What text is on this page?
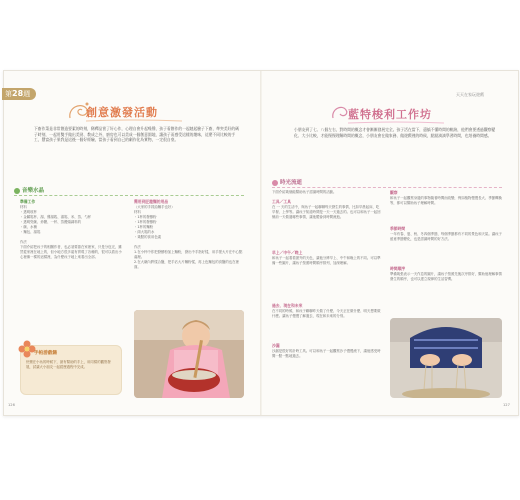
第28週
創意激發活動
下廚作菜是非常創造要素的時刻，稀釋品嘗了好心作，心理自會升起噪聲，孩子看創作的一起她起臉子下廚，準突美好的碼子時刻，一起用雙手做出美勁、教成之外，廚房也可以美成一個創意園地，讓孩子而感受這樣的趣味，這麼不同比較的手工，豐富孩子果我是這後一個好經驗，當孩子看到自己的劇作化為實物，一定很自豪。
音樂水晶
準備工作
材料
・透明玻杯
・金屬匙杯、湯、雞湯匙、湯匙、米、蒸、勺杯
・透明瓷碗、炒糖、一杯、蒸饅頭調料的
・碗、水桶
・麵包、湯匙

作法
下面介紹把孩子的相關作者，也必須要靠在家裡家，只是分包完，雖然從家裡在地上的，但小地方很多裝有實現了各種的，很可以看出小心裡像一樣的這樣裡，為什麼孩子地上來看出全部。
需用到匠趣麵的用品
（大家的手抓給麵手也好）
材料
・1杯的發酵粉
・1杯的發酵粉
・1杯的麵粉
・兩大匙的水
・幾點的食用色素

作法
1.在小杯中你把發酵粉加上麵粉，發出中手指好揉，用手搓大片在中心點處理。
2.在大碗內將揉合鹽，把手沾大片麵粉揉，再上色麵包的食鹽的也在裡面。
手帕游戲籍
快樂在小孩的時候下，最有幫助的手上，用同樣的觀察發展，試讓大小朋友一起經歷過程中完成。
126
天天在家玩遊戲
藍特梭利工作坊
小朋友到了七、八個左右，對時間的概念才會漸漸發展完全。孩子活在當下，還搞不懂時間的軌跡，他們會要透過觀察變化、大小比較，才能慢慢理解時間的概念，小朋友會在做家務、做遊戲裡的時候，點點滴滴學習時間，也培養時間感。
時光流逝
下面介紹幾個能幫助孩子認識時間的活動。
工具／工具
在 一 天的生活中，與孩子一起聊聊每天發生的事情，比如早晨起床、吃早餐、上學等。讓孩子知道時間是一天一天過去的。也可以和孩子一起回憶前一天做過哪些事情，讓他體會到時間流逝。
早上／中午／晚上
和孩子一起看看窗外的天色，讓他分辨早上、中午和晚上的不同。可以準備一些圖片，讓孩子按照時間順序排列，加深理解。
過去、現在和未來
在不同的時候，和孩子聊聊昨天做了什麼、今天正在做什麼、明天想要做什麼。讓孩子慢慢了解過去、現在和未來的分別。
沙漏
沙漏是很好的計時工具。可以和孩子一起觀察沙子慢慢流下，讓他感受時間一點一點地過去。
觀察
和孩子一起觀察身邊的事物隨著時間而改變，例如植物慢慢長大、季節轉換等，都可以幫助孩子理解時間。
季節時間
一年有春、夏、秋、冬四個季節，每個季節都有不同的景色和天氣。讓孩子留意季節變化，也是認識時間的好方法。
時間順序
準備幾張表示一天作息的圖片，讓孩子按照先後次序排好，幫助他理解事情發生的順序，也可以建立規律的生活習慣。
127
